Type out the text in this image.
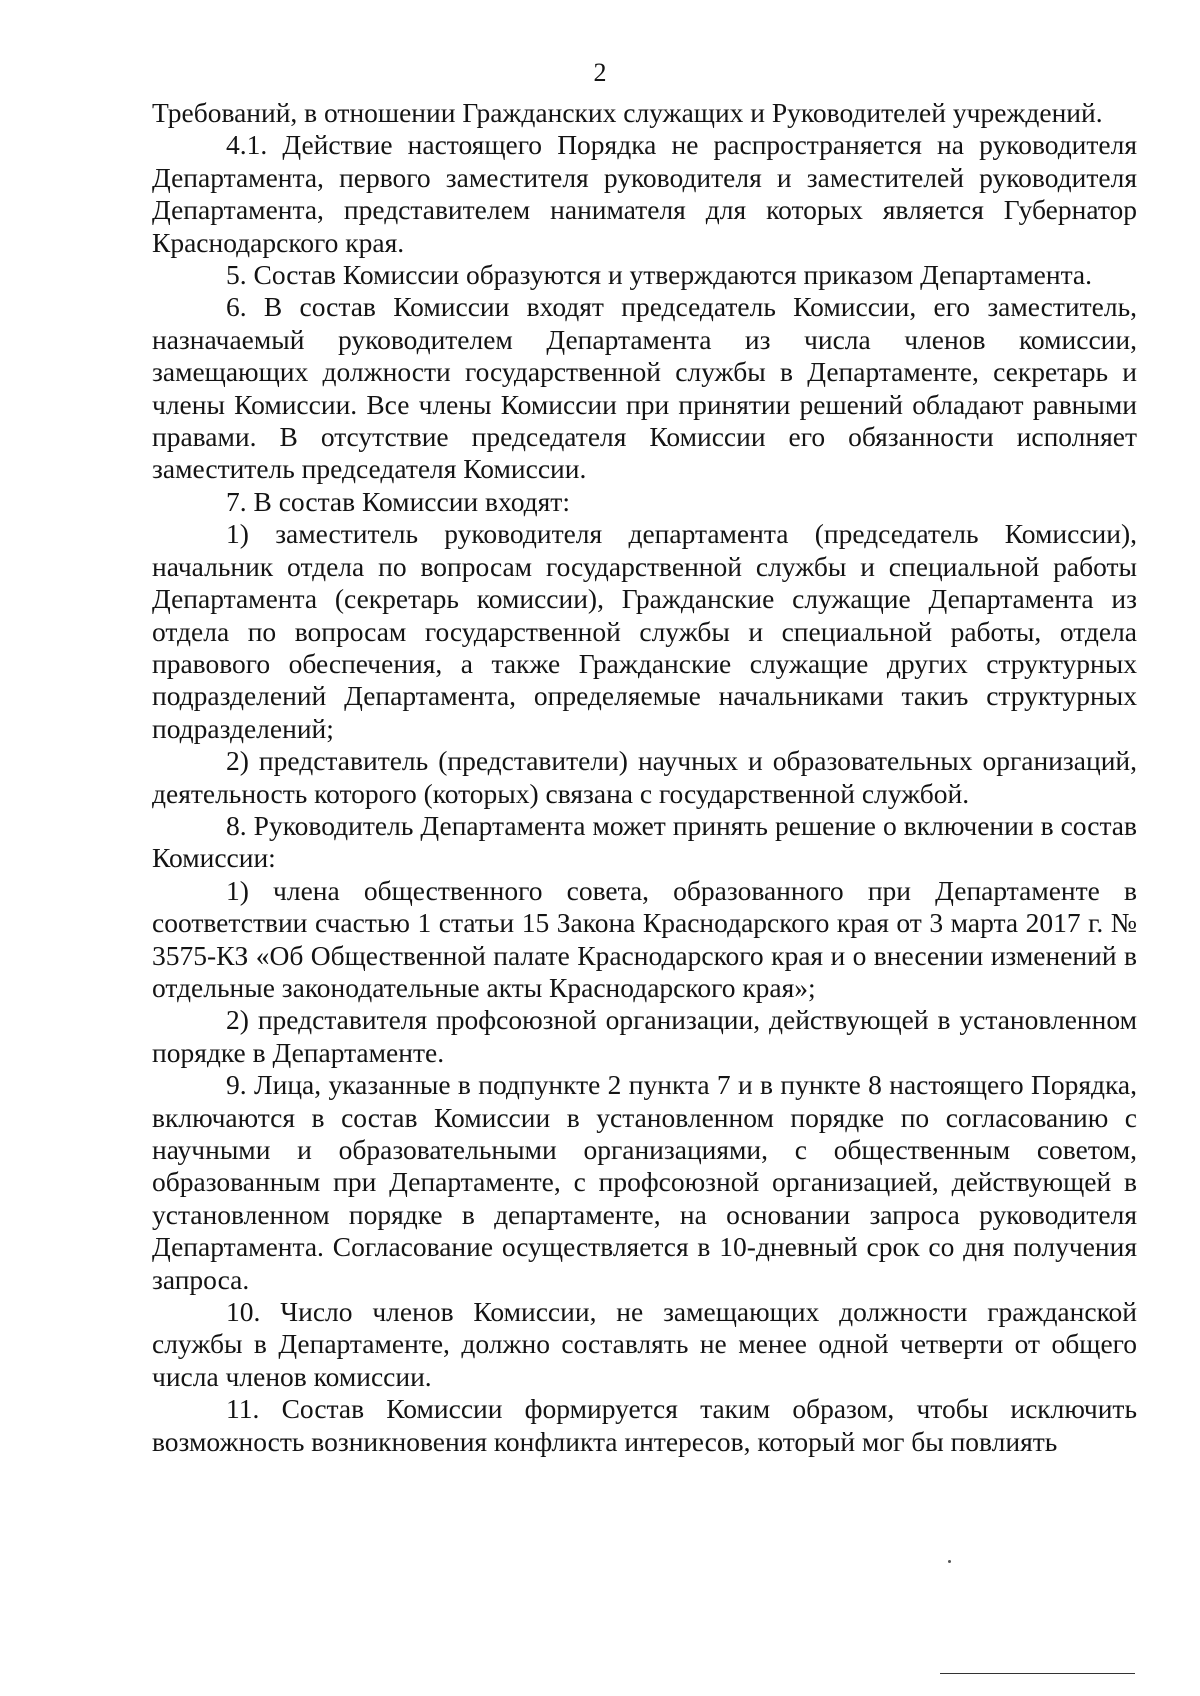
2

Требований, в отношении Гражданских служащих и Руководителей учреждений.

4.1. Действие настоящего Порядка не распространяется на руководителя Департамента, первого заместителя руководителя и заместителей руководителя Департамента, представителем нанимателя для которых является Губернатор Краснодарского края.

5. Состав Комиссии образуются и утверждаются приказом Департамента.

6. В состав Комиссии входят председатель Комиссии, его заместитель, назначаемый руководителем Департамента из числа членов комиссии, замещающих должности государственной службы в Департаменте, секретарь и члены Комиссии. Все члены Комиссии при принятии решений обладают равными правами. В отсутствие председателя Комиссии его обязанности исполняет заместитель председателя Комиссии.

7. В состав Комиссии входят:

1) заместитель руководителя департамента (председатель Комиссии), начальник отдела по вопросам государственной службы и специальной работы Департамента (секретарь комиссии), Гражданские служащие Департамента из отдела по вопросам государственной службы и специальной работы, отдела правового обеспечения, а также Гражданские служащие других структурных подразделений Департамента, определяемые начальниками такиъ структурных подразделений;

2) представитель (представители) научных и образовательных организаций, деятельность которого (которых) связана с государственной службой.

8. Руководитель Департамента может принять решение о включении в состав Комиссии:

1) члена общественного совета, образованного при Департаменте в соответствии счастью 1 статьи 15 Закона Краснодарского края от 3 марта 2017 г. № 3575-КЗ «Об Общественной палате Краснодарского края и о внесении изменений в отдельные законодательные акты Краснодарского края»;

2) представителя профсоюзной организации, действующей в установленном порядке в Департаменте.

9. Лица, указанные в подпункте 2 пункта 7 и в пункте 8 настоящего Порядка, включаются в состав Комиссии в установленном порядке по согласованию с научными и образовательными организациями, с общественным советом, образованным при Департаменте, с профсоюзной организацией, действующей в установленном порядке в департаменте, на основании запроса руководителя Департамента. Согласование осуществляется в 10-дневный срок со дня получения запроса.

10. Число членов Комиссии, не замещающих должности гражданской службы в Департаменте, должно составлять не менее одной четверти от общего числа членов комиссии.

11. Состав Комиссии формируется таким образом, чтобы исключить возможность возникновения конфликта интересов, который мог бы повлиять
